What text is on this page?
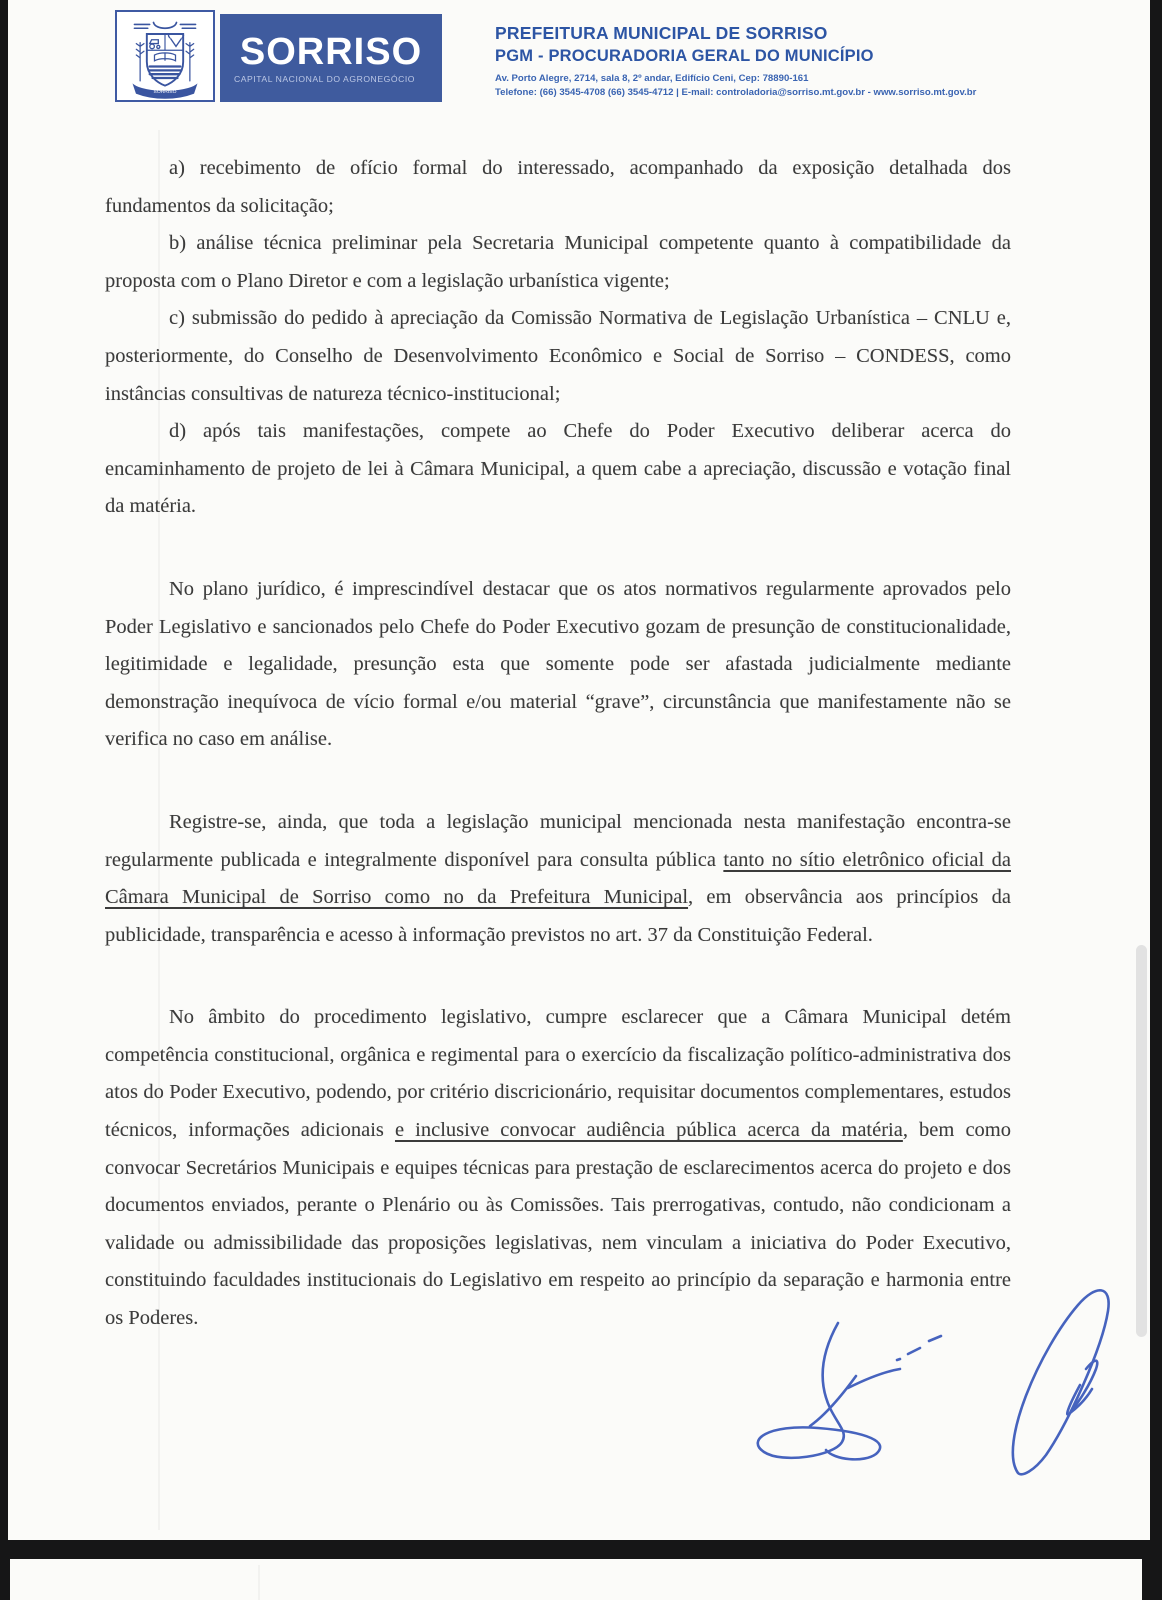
SORRISO
SORRISO
CAPITAL NACIONAL DO AGRONEGÓCIO
PREFEITURA MUNICIPAL DE SORRISO
PGM - PROCURADORIA GERAL DO MUNICÍPIO
Av. Porto Alegre, 2714, sala 8, 2º andar, Edifício Ceni, Cep: 78890-161
Telefone: (66) 3545-4708 (66) 3545-4712 | E-mail: controladoria@sorriso.mt.gov.br - www.sorriso.mt.gov.br

a) recebimento de ofício formal do interessado, acompanhado da exposição detalhada dos fundamentos da solicitação;

b) análise técnica preliminar pela Secretaria Municipal competente quanto à compatibilidade da proposta com o Plano Diretor e com a legislação urbanística vigente;

c) submissão do pedido à apreciação da Comissão Normativa de Legislação Urbanística – CNLU e, posteriormente, do Conselho de Desenvolvimento Econômico e Social de Sorriso – CONDESS, como instâncias consultivas de natureza técnico-institucional;

d) após tais manifestações, compete ao Chefe do Poder Executivo deliberar acerca do encaminhamento de projeto de lei à Câmara Municipal, a quem cabe a apreciação, discussão e votação final da matéria.

No plano jurídico, é imprescindível destacar que os atos normativos regularmente aprovados pelo Poder Legislativo e sancionados pelo Chefe do Poder Executivo gozam de presunção de constitucionalidade, legitimidade e legalidade, presunção esta que somente pode ser afastada judicialmente mediante demonstração inequívoca de vício formal e/ou material “grave”, circunstância que manifestamente não se verifica no caso em análise.

Registre-se, ainda, que toda a legislação municipal mencionada nesta manifestação encontra-se regularmente publicada e integralmente disponível para consulta pública tanto no sítio eletrônico oficial da Câmara Municipal de Sorriso como no da Prefeitura Municipal, em observância aos princípios da publicidade, transparência e acesso à informação previstos no art. 37 da Constituição Federal.

No âmbito do procedimento legislativo, cumpre esclarecer que a Câmara Municipal detém competência constitucional, orgânica e regimental para o exercício da fiscalização político-administrativa dos atos do Poder Executivo, podendo, por critério discricionário, requisitar documentos complementares, estudos técnicos, informações adicionais e inclusive convocar audiência pública acerca da matéria, bem como convocar Secretários Municipais e equipes técnicas para prestação de esclarecimentos acerca do projeto e dos documentos enviados, perante o Plenário ou às Comissões. Tais prerrogativas, contudo, não condicionam a validade ou admissibilidade das proposições legislativas, nem vinculam a iniciativa do Poder Executivo, constituindo faculdades institucionais do Legislativo em respeito ao princípio da separação e harmonia entre os Poderes.
